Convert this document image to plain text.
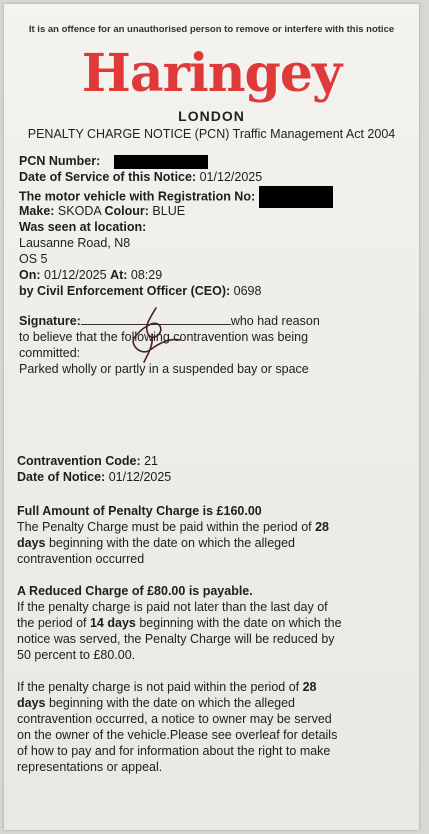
It is an offence for an unauthorised person to remove or interfere with this notice
Haringey
LONDON
PENALTY CHARGE NOTICE (PCN) Traffic Management Act 2004
PCN Number:
Date of Service of this Notice: 01/12/2025
The motor vehicle with Registration No:
Make: SKODA Colour: BLUE
Was seen at location:
Lausanne Road, N8
OS 5
On: 01/12/2025 At: 08:29
by Civil Enforcement Officer (CEO): 0698
Signature:	who had reason
to believe that the following contravention was being
committed:
Parked wholly or partly in a suspended bay or space
Contravention Code: 21
Date of Notice: 01/12/2025
Full Amount of Penalty Charge is £160.00
The Penalty Charge must be paid within the period of 28
days beginning with the date on which the alleged
contravention occurred
A Reduced Charge of £80.00 is payable.
If the penalty charge is paid not later than the last day of
the period of 14 days beginning with the date on which the
notice was served, the Penalty Charge will be reduced by
50 percent to £80.00.
If the penalty charge is not paid within the period of 28
days beginning with the date on which the alleged
contravention occurred, a notice to owner may be served
on the owner of the vehicle.Please see overleaf for details
of how to pay and for information about the right to make
representations or appeal.
